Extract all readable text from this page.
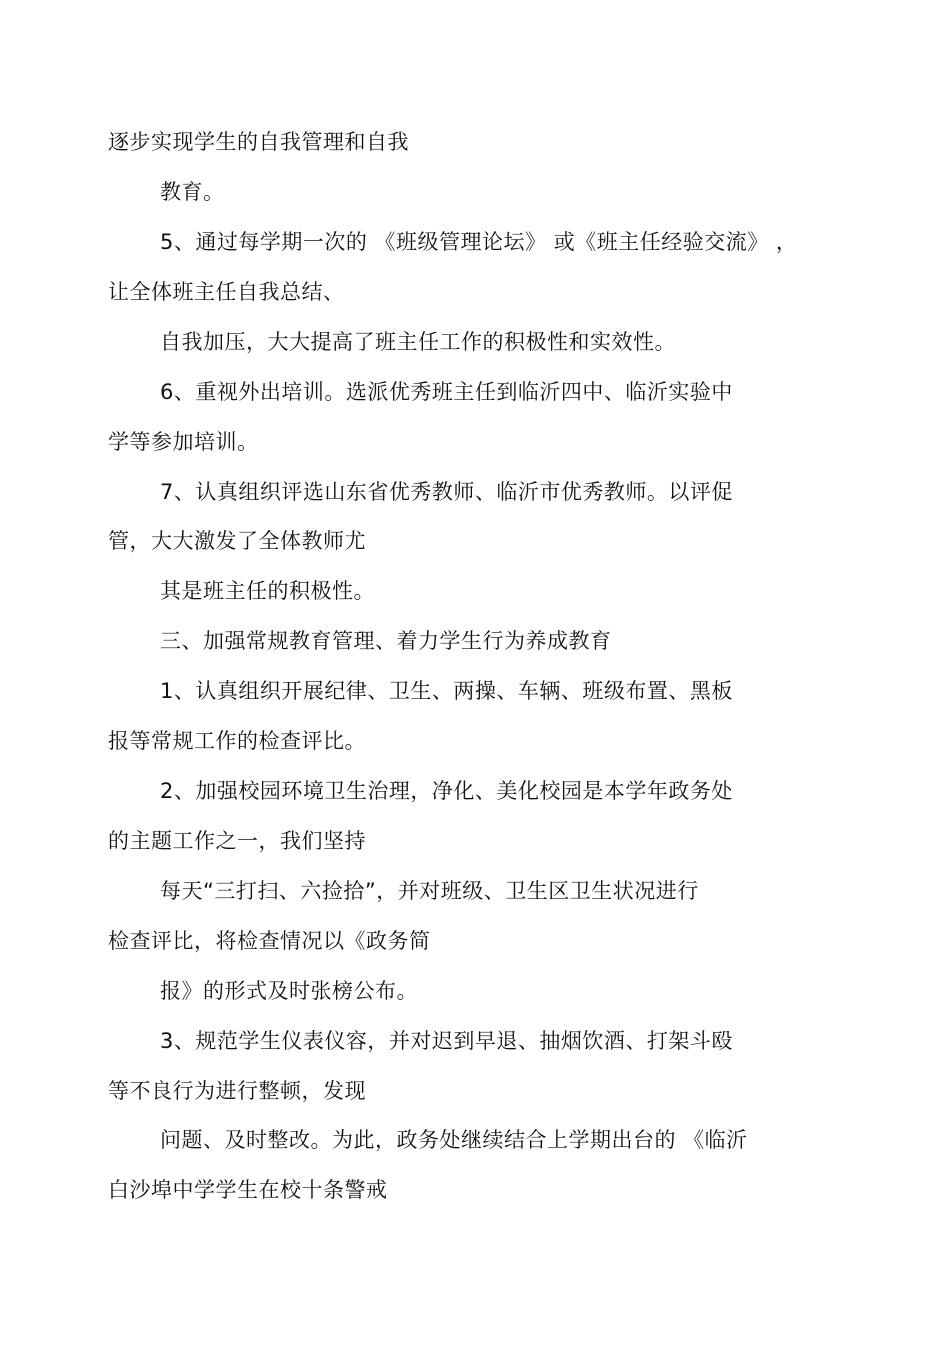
逐步实现学生的自我管理和自我
教育。
5、通过每学期一次的 《班级管理论坛》 或《班主任经验交流》 ，
让全体班主任自我总结、
自我加压，大大提高了班主任工作的积极性和实效性。
6、重视外出培训。选派优秀班主任到临沂四中、临沂实验中
学等参加培训。
7、认真组织评选山东省优秀教师、临沂市优秀教师。以评促
管，大大激发了全体教师尤
其是班主任的积极性。
三、加强常规教育管理、着力学生行为养成教育
1、认真组织开展纪律、卫生、两操、车辆、班级布置、黑板
报等常规工作的检查评比。
2、加强校园环境卫生治理，净化、美化校园是本学年政务处
的主题工作之一，我们坚持
每天“三打扫、六捡拾”，并对班级、卫生区卫生状况进行
检查评比，将检查情况以《政务简
报》的形式及时张榜公布。
3、规范学生仪表仪容，并对迟到早退、抽烟饮酒、打架斗殴
等不良行为进行整顿，发现
问题、及时整改。为此，政务处继续结合上学期出台的 《临沂
白沙埠中学学生在校十条警戒
